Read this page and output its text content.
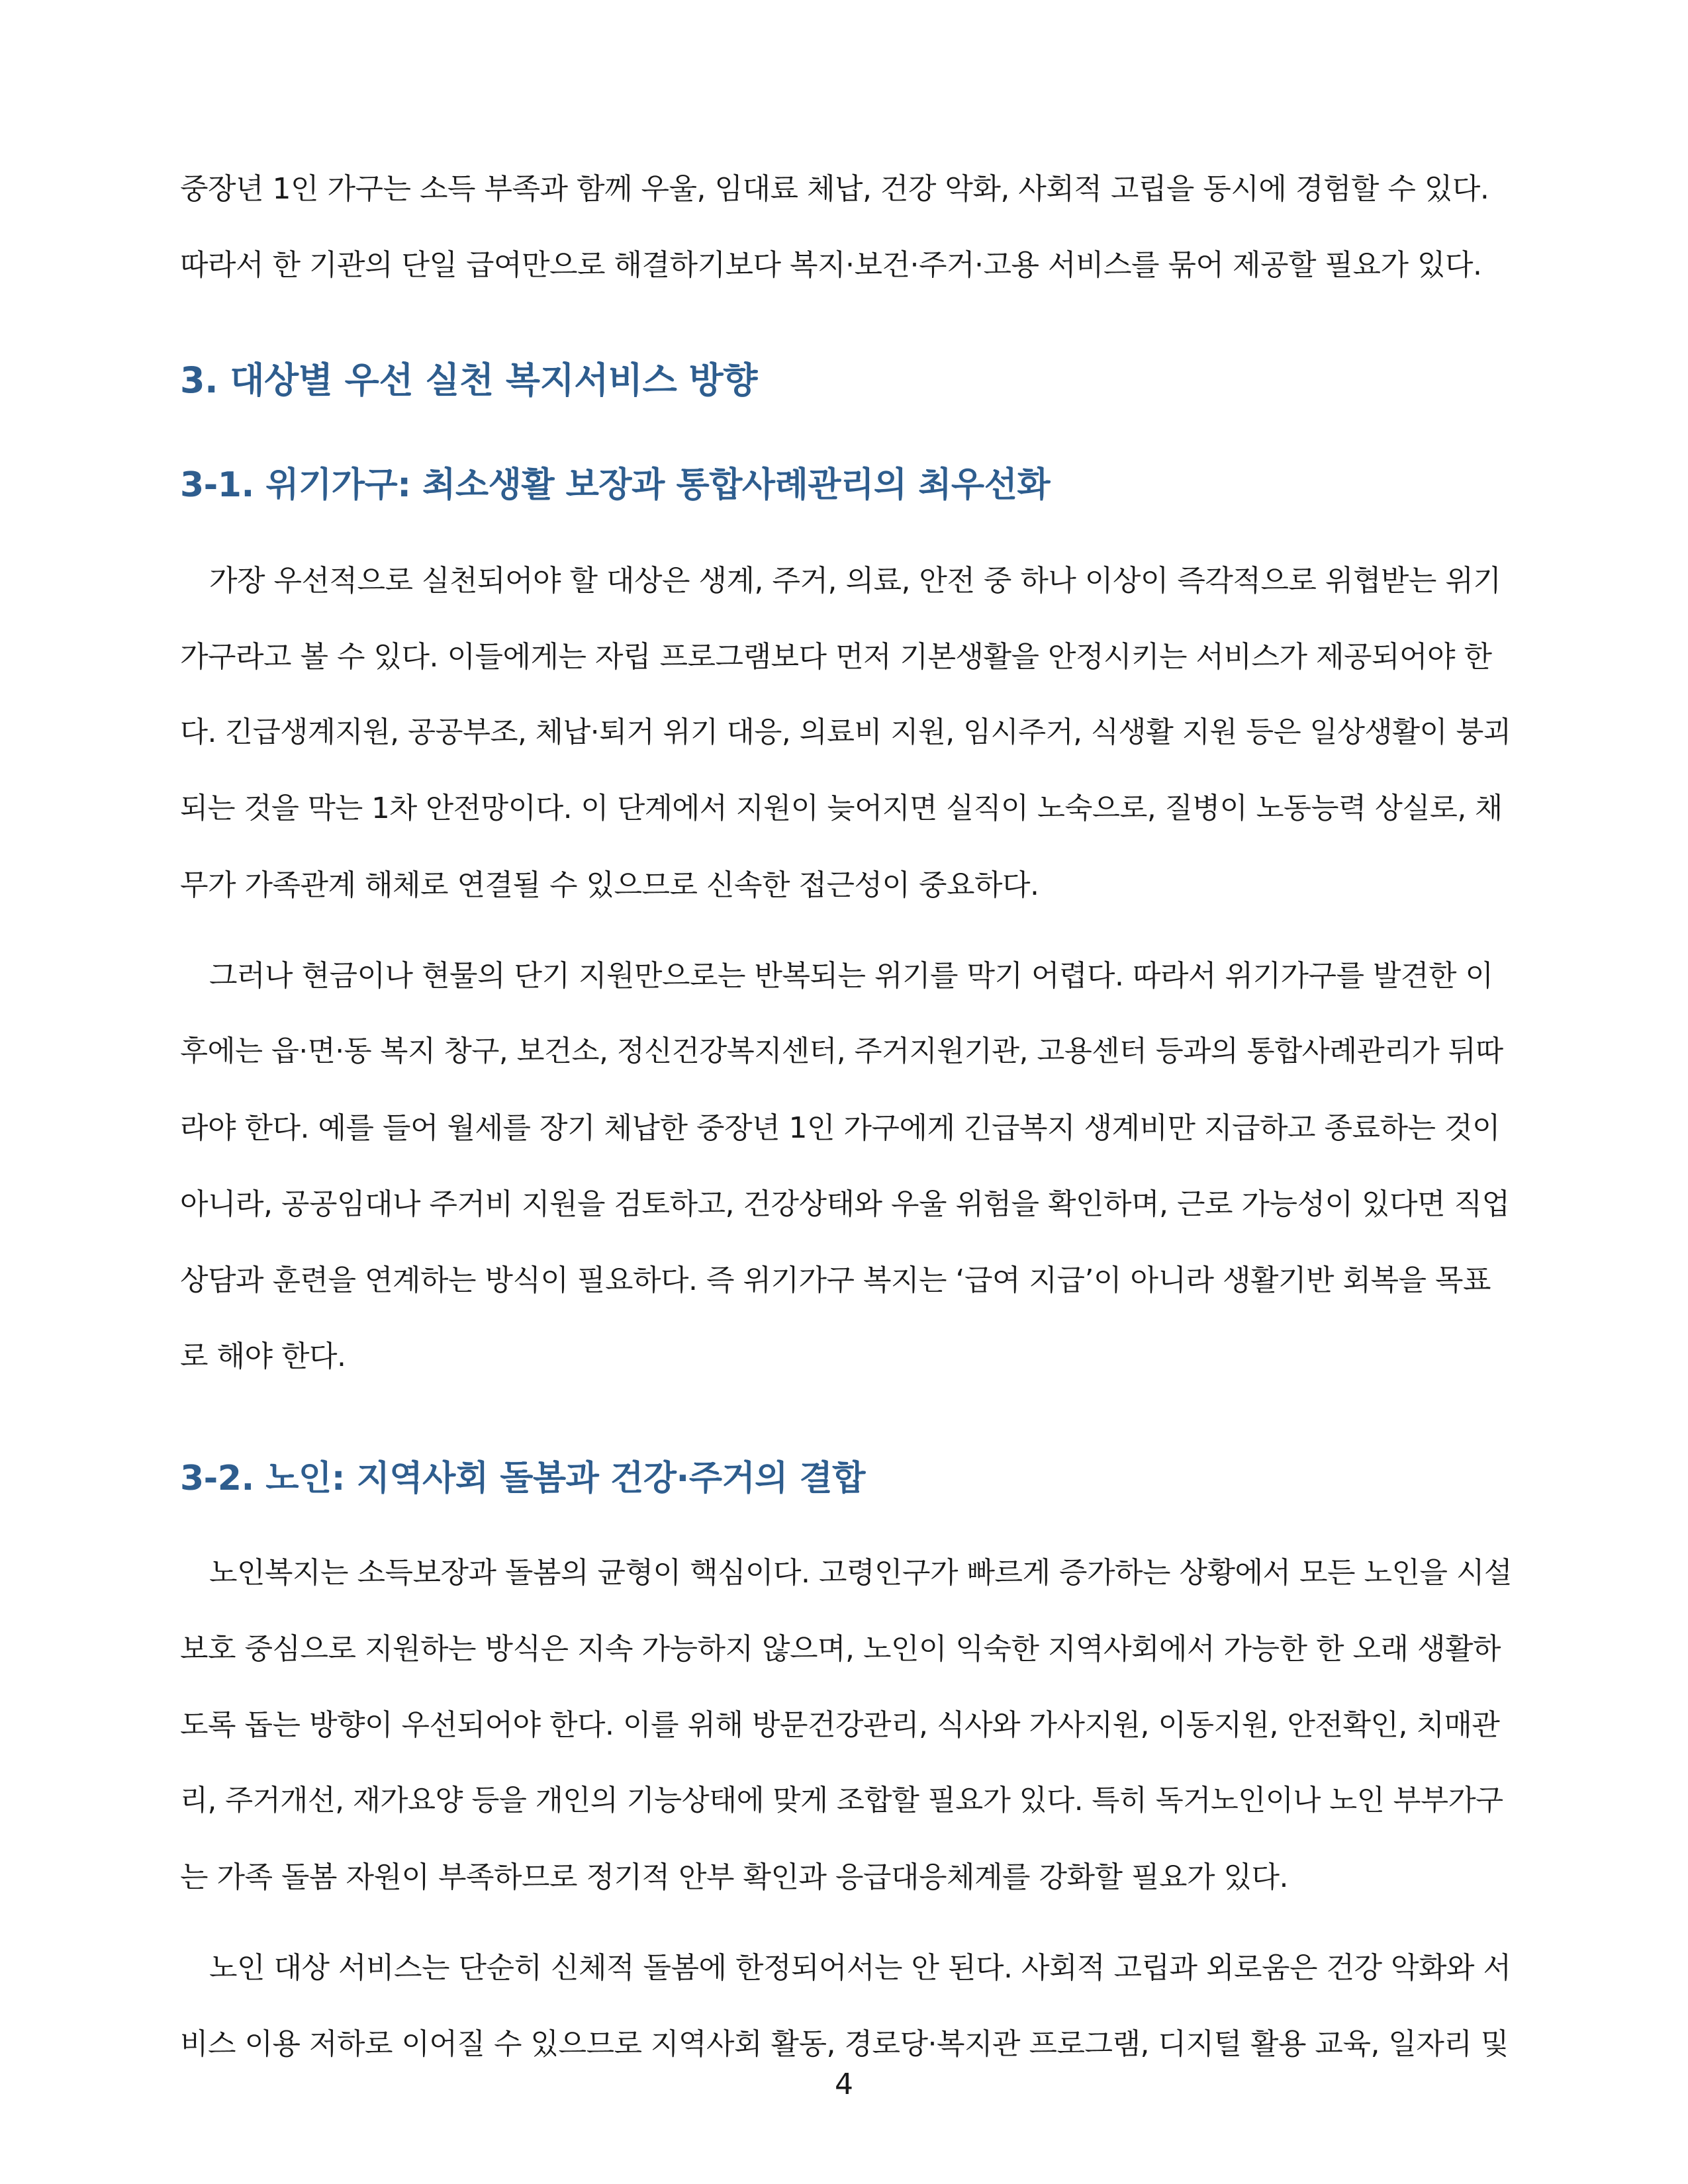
중장년 1인 가구는 소득 부족과 함께 우울, 임대료 체납, 건강 악화, 사회적 고립을 동시에 경험할 수 있다.
따라서 한 기관의 단일 급여만으로 해결하기보다 복지·보건·주거·고용 서비스를 묶어 제공할 필요가 있다.
3. 대상별 우선 실천 복지서비스 방향
3-1. 위기가구: 최소생활 보장과 통합사례관리의 최우선화
가장 우선적으로 실천되어야 할 대상은 생계, 주거, 의료, 안전 중 하나 이상이 즉각적으로 위협받는 위기
가구라고 볼 수 있다. 이들에게는 자립 프로그램보다 먼저 기본생활을 안정시키는 서비스가 제공되어야 한
다. 긴급생계지원, 공공부조, 체납·퇴거 위기 대응, 의료비 지원, 임시주거, 식생활 지원 등은 일상생활이 붕괴
되는 것을 막는 1차 안전망이다. 이 단계에서 지원이 늦어지면 실직이 노숙으로, 질병이 노동능력 상실로, 채
무가 가족관계 해체로 연결될 수 있으므로 신속한 접근성이 중요하다.
그러나 현금이나 현물의 단기 지원만으로는 반복되는 위기를 막기 어렵다. 따라서 위기가구를 발견한 이
후에는 읍·면·동 복지 창구, 보건소, 정신건강복지센터, 주거지원기관, 고용센터 등과의 통합사례관리가 뒤따
라야 한다. 예를 들어 월세를 장기 체납한 중장년 1인 가구에게 긴급복지 생계비만 지급하고 종료하는 것이
아니라, 공공임대나 주거비 지원을 검토하고, 건강상태와 우울 위험을 확인하며, 근로 가능성이 있다면 직업
상담과 훈련을 연계하는 방식이 필요하다. 즉 위기가구 복지는 ‘급여 지급’이 아니라 생활기반 회복을 목표
로 해야 한다.
3-2. 노인: 지역사회 돌봄과 건강·주거의 결합
노인복지는 소득보장과 돌봄의 균형이 핵심이다. 고령인구가 빠르게 증가하는 상황에서 모든 노인을 시설
보호 중심으로 지원하는 방식은 지속 가능하지 않으며, 노인이 익숙한 지역사회에서 가능한 한 오래 생활하
도록 돕는 방향이 우선되어야 한다. 이를 위해 방문건강관리, 식사와 가사지원, 이동지원, 안전확인, 치매관
리, 주거개선, 재가요양 등을 개인의 기능상태에 맞게 조합할 필요가 있다. 특히 독거노인이나 노인 부부가구
는 가족 돌봄 자원이 부족하므로 정기적 안부 확인과 응급대응체계를 강화할 필요가 있다.
노인 대상 서비스는 단순히 신체적 돌봄에 한정되어서는 안 된다. 사회적 고립과 외로움은 건강 악화와 서
비스 이용 저하로 이어질 수 있으므로 지역사회 활동, 경로당·복지관 프로그램, 디지털 활용 교육, 일자리 및
4
